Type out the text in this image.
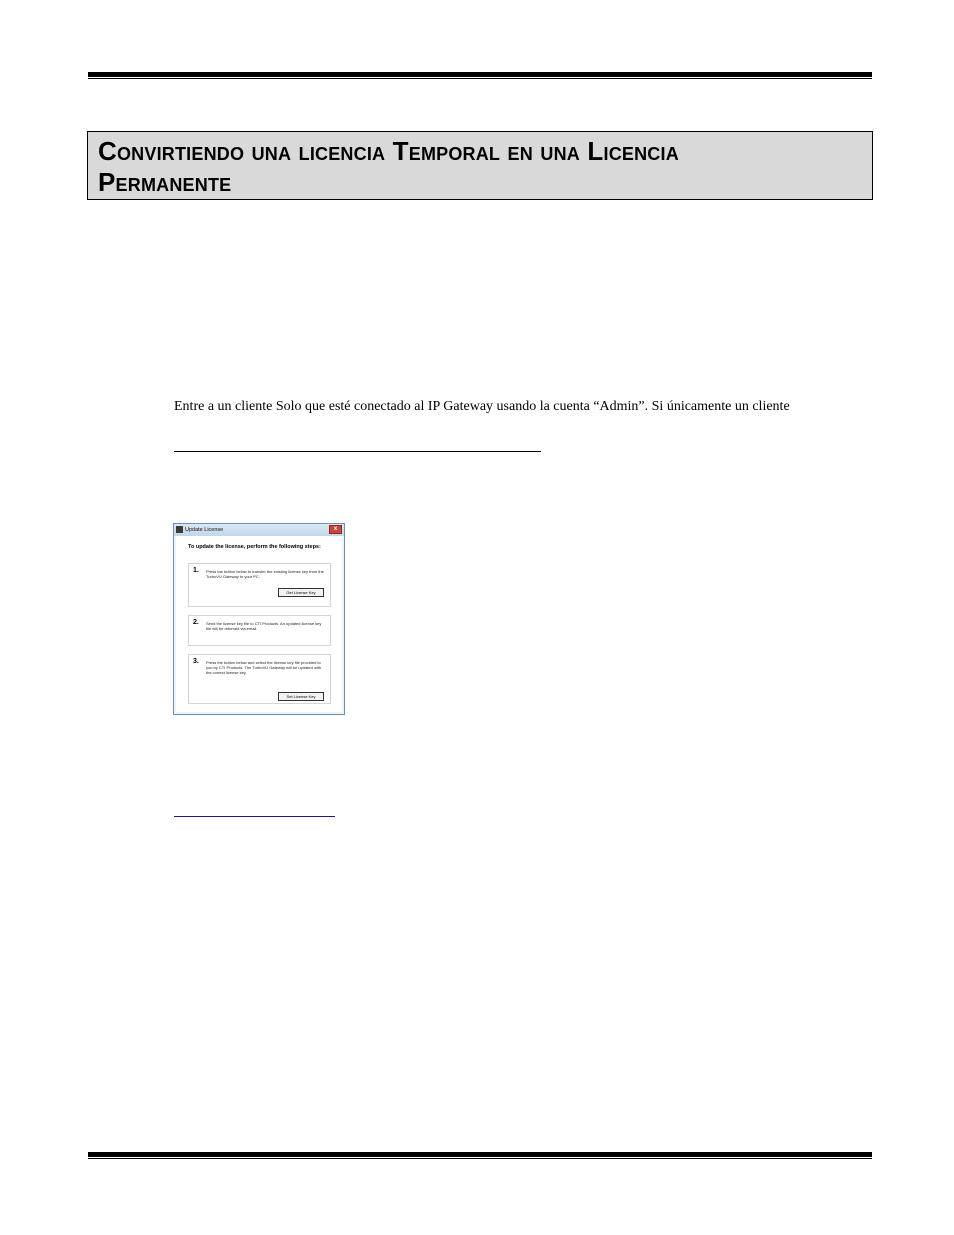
Convirtiendo una licencia Temporal en una Licencia
Permanente
Entre a un cliente Solo que esté conectado al IP Gateway usando la cuenta “Admin”. Si únicamente un cliente
Update License	x
To update the license, perform the following steps:
1. Press the button below to transfer the existing license key from the TurboVU Gateway to your PC.
Get License Key
2. Send the license key file to CTI Products. An updated license key file will be returned via email.
3. Press the button below and select the license key file provided to you by CTI Products. The TurboVU Gateway will be updated with the correct license key.
Set License Key
